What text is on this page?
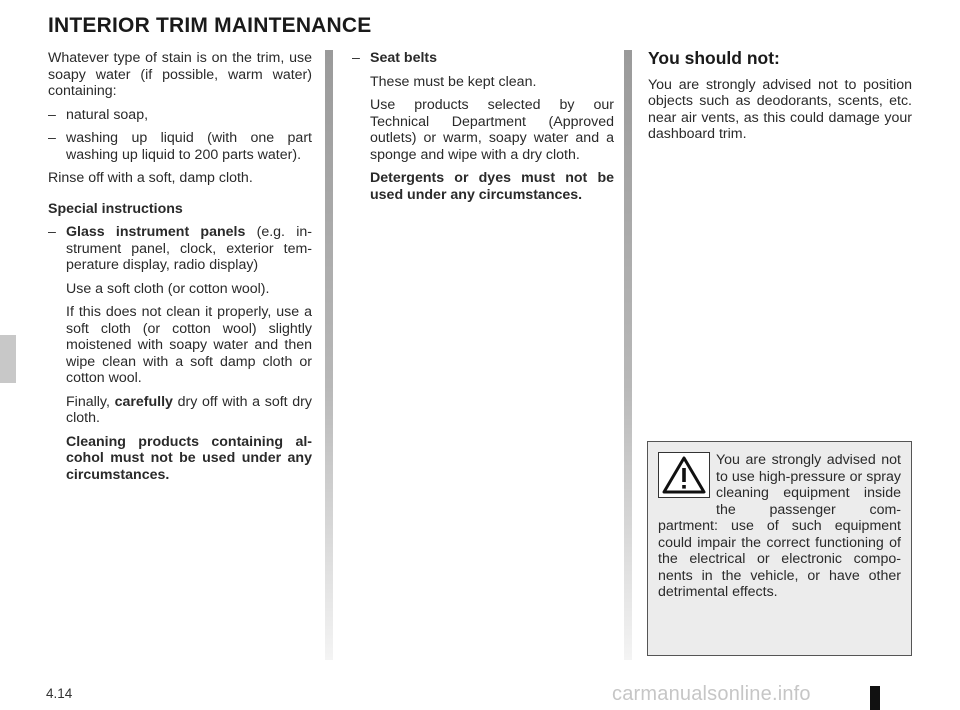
INTERIOR TRIM MAINTENANCE

Whatever type of stain is on the trim, use soapy water (if possible, warm water) containing:

– natural soap,
– washing up liquid (with one part washing up liquid to 200 parts water).

Rinse off with a soft, damp cloth.

Special instructions

– Glass instrument panels (e.g. in-strument panel, clock, exterior tem-perature display, radio display)

Use a soft cloth (or cotton wool).

If this does not clean it properly, use a soft cloth (or cotton wool) slightly moistened with soapy water and then wipe clean with a soft damp cloth or cotton wool.

Finally, carefully dry off with a soft dry cloth.

Cleaning products containing al-cohol must not be used under any circumstances.

– Seat belts

These must be kept clean.

Use products selected by our Technical Department (Approved outlets) or warm, soapy water and a sponge and wipe with a dry cloth.

Detergents or dyes must not be used under any circumstances.

You should not:

You are strongly advised not to position objects such as deodorants, scents, etc. near air vents, as this could damage your dashboard trim.

You are strongly advised not to use high-pressure or spray cleaning equipment inside the passenger com-partment: use of such equipment could impair the correct functioning of the electrical or electronic compo-nents in the vehicle, or have other detrimental effects.
4.14	carmanualsonline.info
